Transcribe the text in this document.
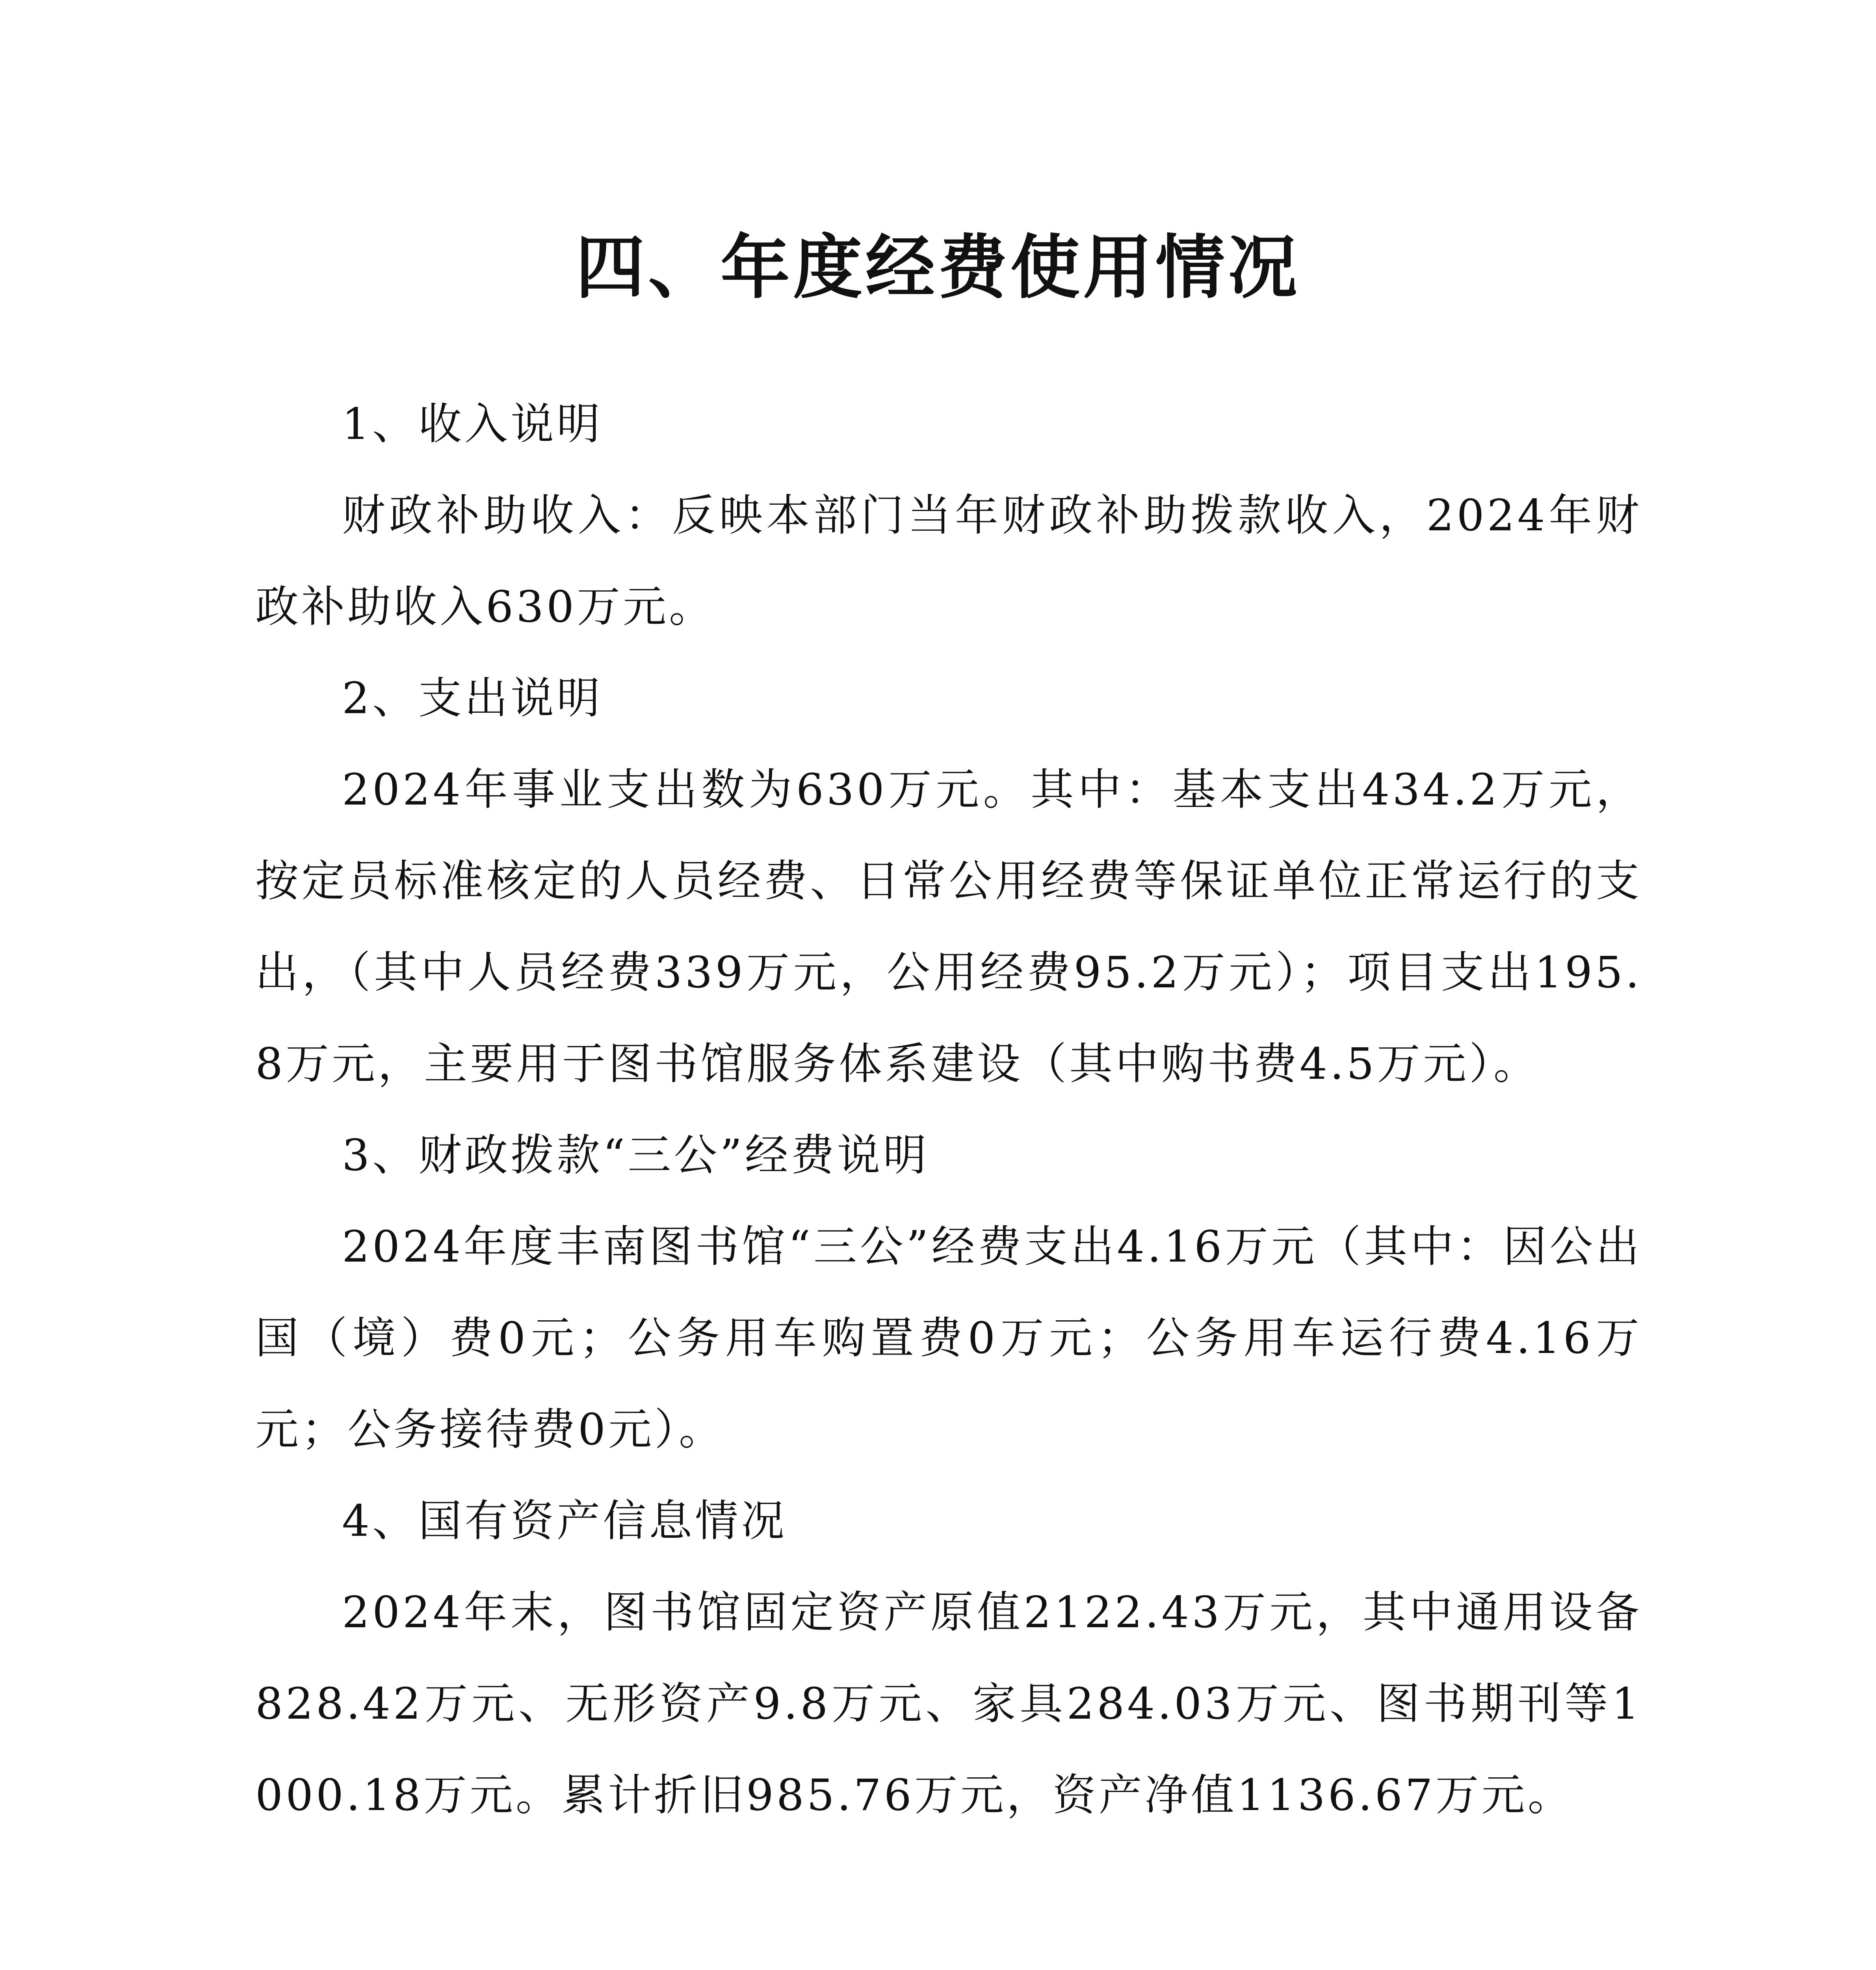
四、年度经费使用情况

1、收入说明

财政补助收入：反映本部门当年财政补助拨款收入，2024年财政补助收入630万元。

2、支出说明

2024年事业支出数为630万元。其中：基本支出434.2万元，按定员标准核定的人员经费、日常公用经费等保证单位正常运行的支出，（其中人员经费339万元，公用经费95.2万元）；项目支出195.8万元，主要用于图书馆服务体系建设（其中购书费4.5万元）。

3、财政拨款“三公”经费说明

2024年度丰南图书馆“三公”经费支出4.16万元（其中：因公出国（境）费0元；公务用车购置费0万元；公务用车运行费4.16万元；公务接待费0元）。

4、国有资产信息情况

2024年末，图书馆固定资产原值2122.43万元，其中通用设备828.42万元、无形资产9.8万元、家具284.03万元、图书期刊等1000.18万元。累计折旧985.76万元，资产净值1136.67万元。
